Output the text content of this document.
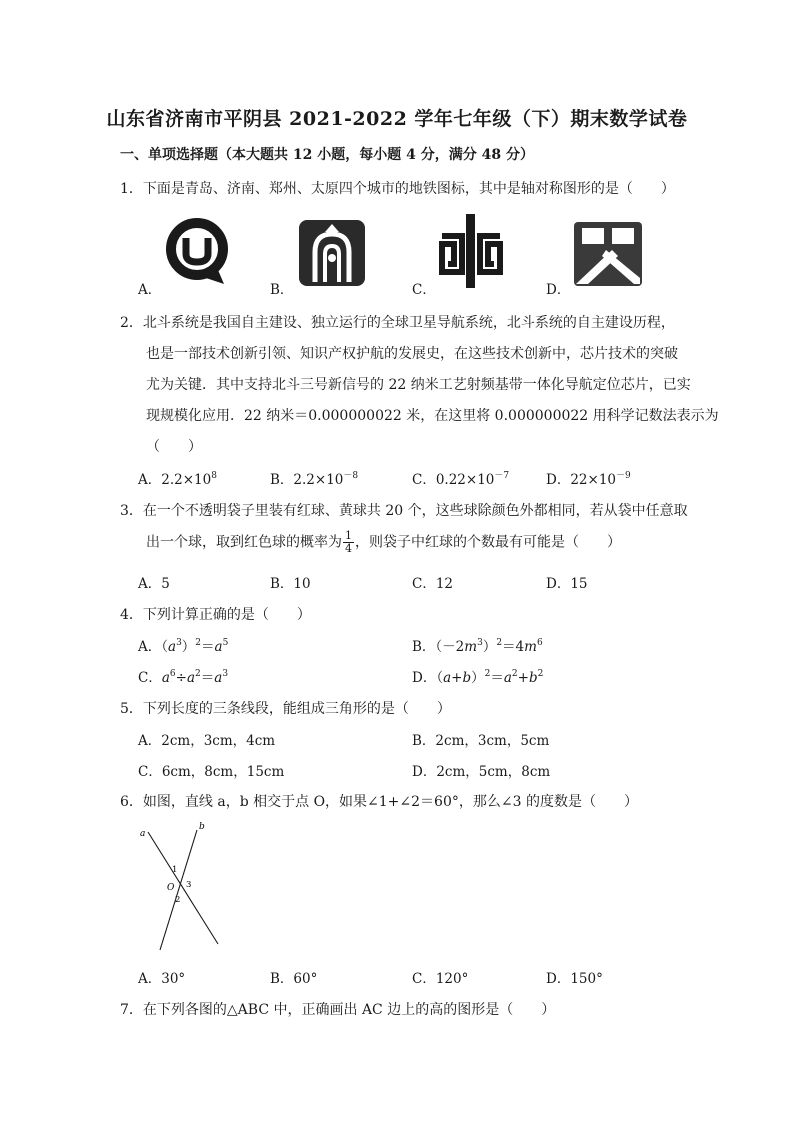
山东省济南市平阴县 2021-2022 学年七年级（下）期末数学试卷
一、单项选择题（本大题共 12 小题，每小题 4 分，满分 48 分）
1．下面是青岛、济南、郑州、太原四个城市的地铁图标，其中是轴对称图形的是（　　）
A．	B．	C．	D．
2．北斗系统是我国自主建设、独立运行的全球卫星导航系统，北斗系统的自主建设历程，
也是一部技术创新引领、知识产权护航的发展史，在这些技术创新中，芯片技术的突破
尤为关键．其中支持北斗三号新信号的 22 纳米工艺射频基带一体化导航定位芯片，已实
现规模化应用．22 纳米＝0.000000022 米，在这里将 0.000000022 用科学记数法表示为
（　　）
A．$2.2\times 10^8$	B．$2.2\times 10^{-8}$	C．$0.22\times 10^{-7}$	D．$22\times 10^{-9}$
3．在一个不透明袋子里装有红球、黄球共 20 个，这些球除颜色外都相同，若从袋中任意取
出一个球，取到红色球的概率为 $\frac{1}{4}$ ，则袋子中红球的个数最有可能是（　　）
A．5	B．10	C．12	D．15
4．下列计算正确的是（　　）
A．$(a^3)^2=a^5$	B．$(-2m^3)^2=4m^6$
C．$a^6\div a^2=a^3$	D．$(a+b)^2=a^2+b^2$
5．下列长度的三条线段，能组成三角形的是（　　）
A．2cm，3cm，4cm	B．2cm，3cm，5cm
C．6cm，8cm，15cm	D．2cm，5cm，8cm
6．如图，直线 a，b 相交于点 O，如果∠1+∠2＝60°，那么∠3 的度数是（　　）
a
b
O
1
2
3
A．30°	B．60°	C．120°	D．150°
7．在下列各图的△ABC 中，正确画出 AC 边上的高的图形是（　　）
